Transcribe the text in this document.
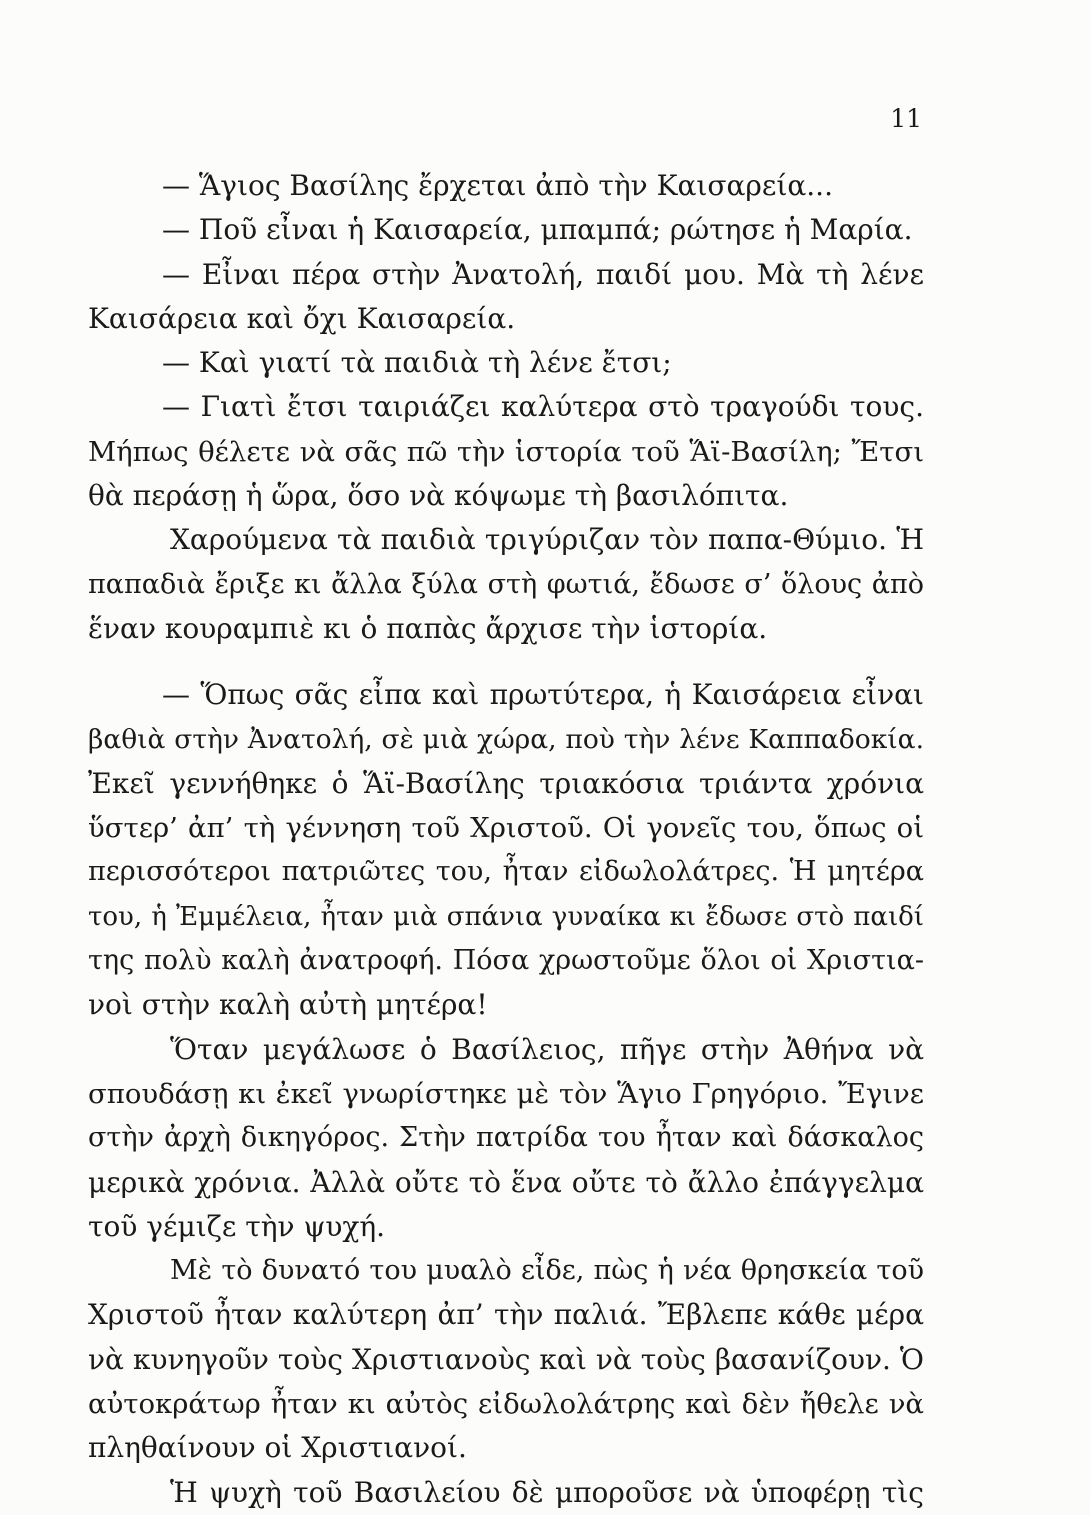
11
— Ἅγιος Βασίλης ἔρχεται ἀπὸ τὴν Καισαρεία...
— Ποῦ εἶναι ἡ Καισαρεία, μπαμπά; ρώτησε ἡ Μαρία.
— Εἶναι πέρα στὴν Ἀνατολή, παιδί μου. Μὰ τὴ λένε
Καισάρεια καὶ ὄχι Καισαρεία.
— Καὶ γιατί τὰ παιδιὰ τὴ λένε ἔτσι;
— Γιατὶ ἔτσι ταιριάζει καλύτερα στὸ τραγούδι τους.
Μήπως θέλετε νὰ σᾶς πῶ τὴν ἱστορία τοῦ Ἅϊ-Βασίλη; Ἔτσι
θὰ περάσῃ ἡ ὥρα, ὅσο νὰ κόψωμε τὴ βασιλόπιτα.
Χαρούμενα τὰ παιδιὰ τριγύριζαν τὸν παπα-Θύμιο. Ἡ
παπαδιὰ ἔριξε κι ἄλλα ξύλα στὴ φωτιά, ἔδωσε σ’ ὅλους ἀπὸ
ἕναν κουραμπιὲ κι ὁ παπὰς ἄρχισε τὴν ἱστορία.
— Ὅπως σᾶς εἶπα καὶ πρωτύτερα, ἡ Καισάρεια εἶναι
βαθιὰ στὴν Ἀνατολή, σὲ μιὰ χώρα, ποὺ τὴν λένε Καππαδοκία.
Ἐκεῖ γεννήθηκε ὁ Ἅϊ-Βασίλης τριακόσια τριάντα χρόνια
ὕστερ’ ἀπ’ τὴ γέννηση τοῦ Χριστοῦ. Οἱ γονεῖς του, ὅπως οἱ
περισσότεροι πατριῶτες του, ἦταν εἰδωλολάτρες. Ἡ μητέρα
του, ἡ Ἐμμέλεια, ἦταν μιὰ σπάνια γυναίκα κι ἔδωσε στὸ παιδί
της πολὺ καλὴ ἀνατροφή. Πόσα χρωστοῦμε ὅλοι οἱ Χριστια-
νοὶ στὴν καλὴ αὐτὴ μητέρα!
Ὅταν μεγάλωσε ὁ Βασίλειος, πῆγε στὴν Ἀθήνα νὰ
σπουδάσῃ κι ἐκεῖ γνωρίστηκε μὲ τὸν Ἅγιο Γρηγόριο. Ἔγινε
στὴν ἀρχὴ δικηγόρος. Στὴν πατρίδα του ἦταν καὶ δάσκαλος
μερικὰ χρόνια. Ἀλλὰ οὔτε τὸ ἕνα οὔτε τὸ ἄλλο ἐπάγγελμα
τοῦ γέμιζε τὴν ψυχή.
Μὲ τὸ δυνατό του μυαλὸ εἶδε, πὼς ἡ νέα θρησκεία τοῦ
Χριστοῦ ἦταν καλύτερη ἀπ’ τὴν παλιά. Ἔβλεπε κάθε μέρα
νὰ κυνηγοῦν τοὺς Χριστιανοὺς καὶ νὰ τοὺς βασανίζουν. Ὁ
αὐτοκράτωρ ἦταν κι αὐτὸς εἰδωλολάτρης καὶ δὲν ἤθελε νὰ
πληθαίνουν οἱ Χριστιανοί.
Ἡ ψυχὴ τοῦ Βασιλείου δὲ μποροῦσε νὰ ὑποφέρῃ τὶς
